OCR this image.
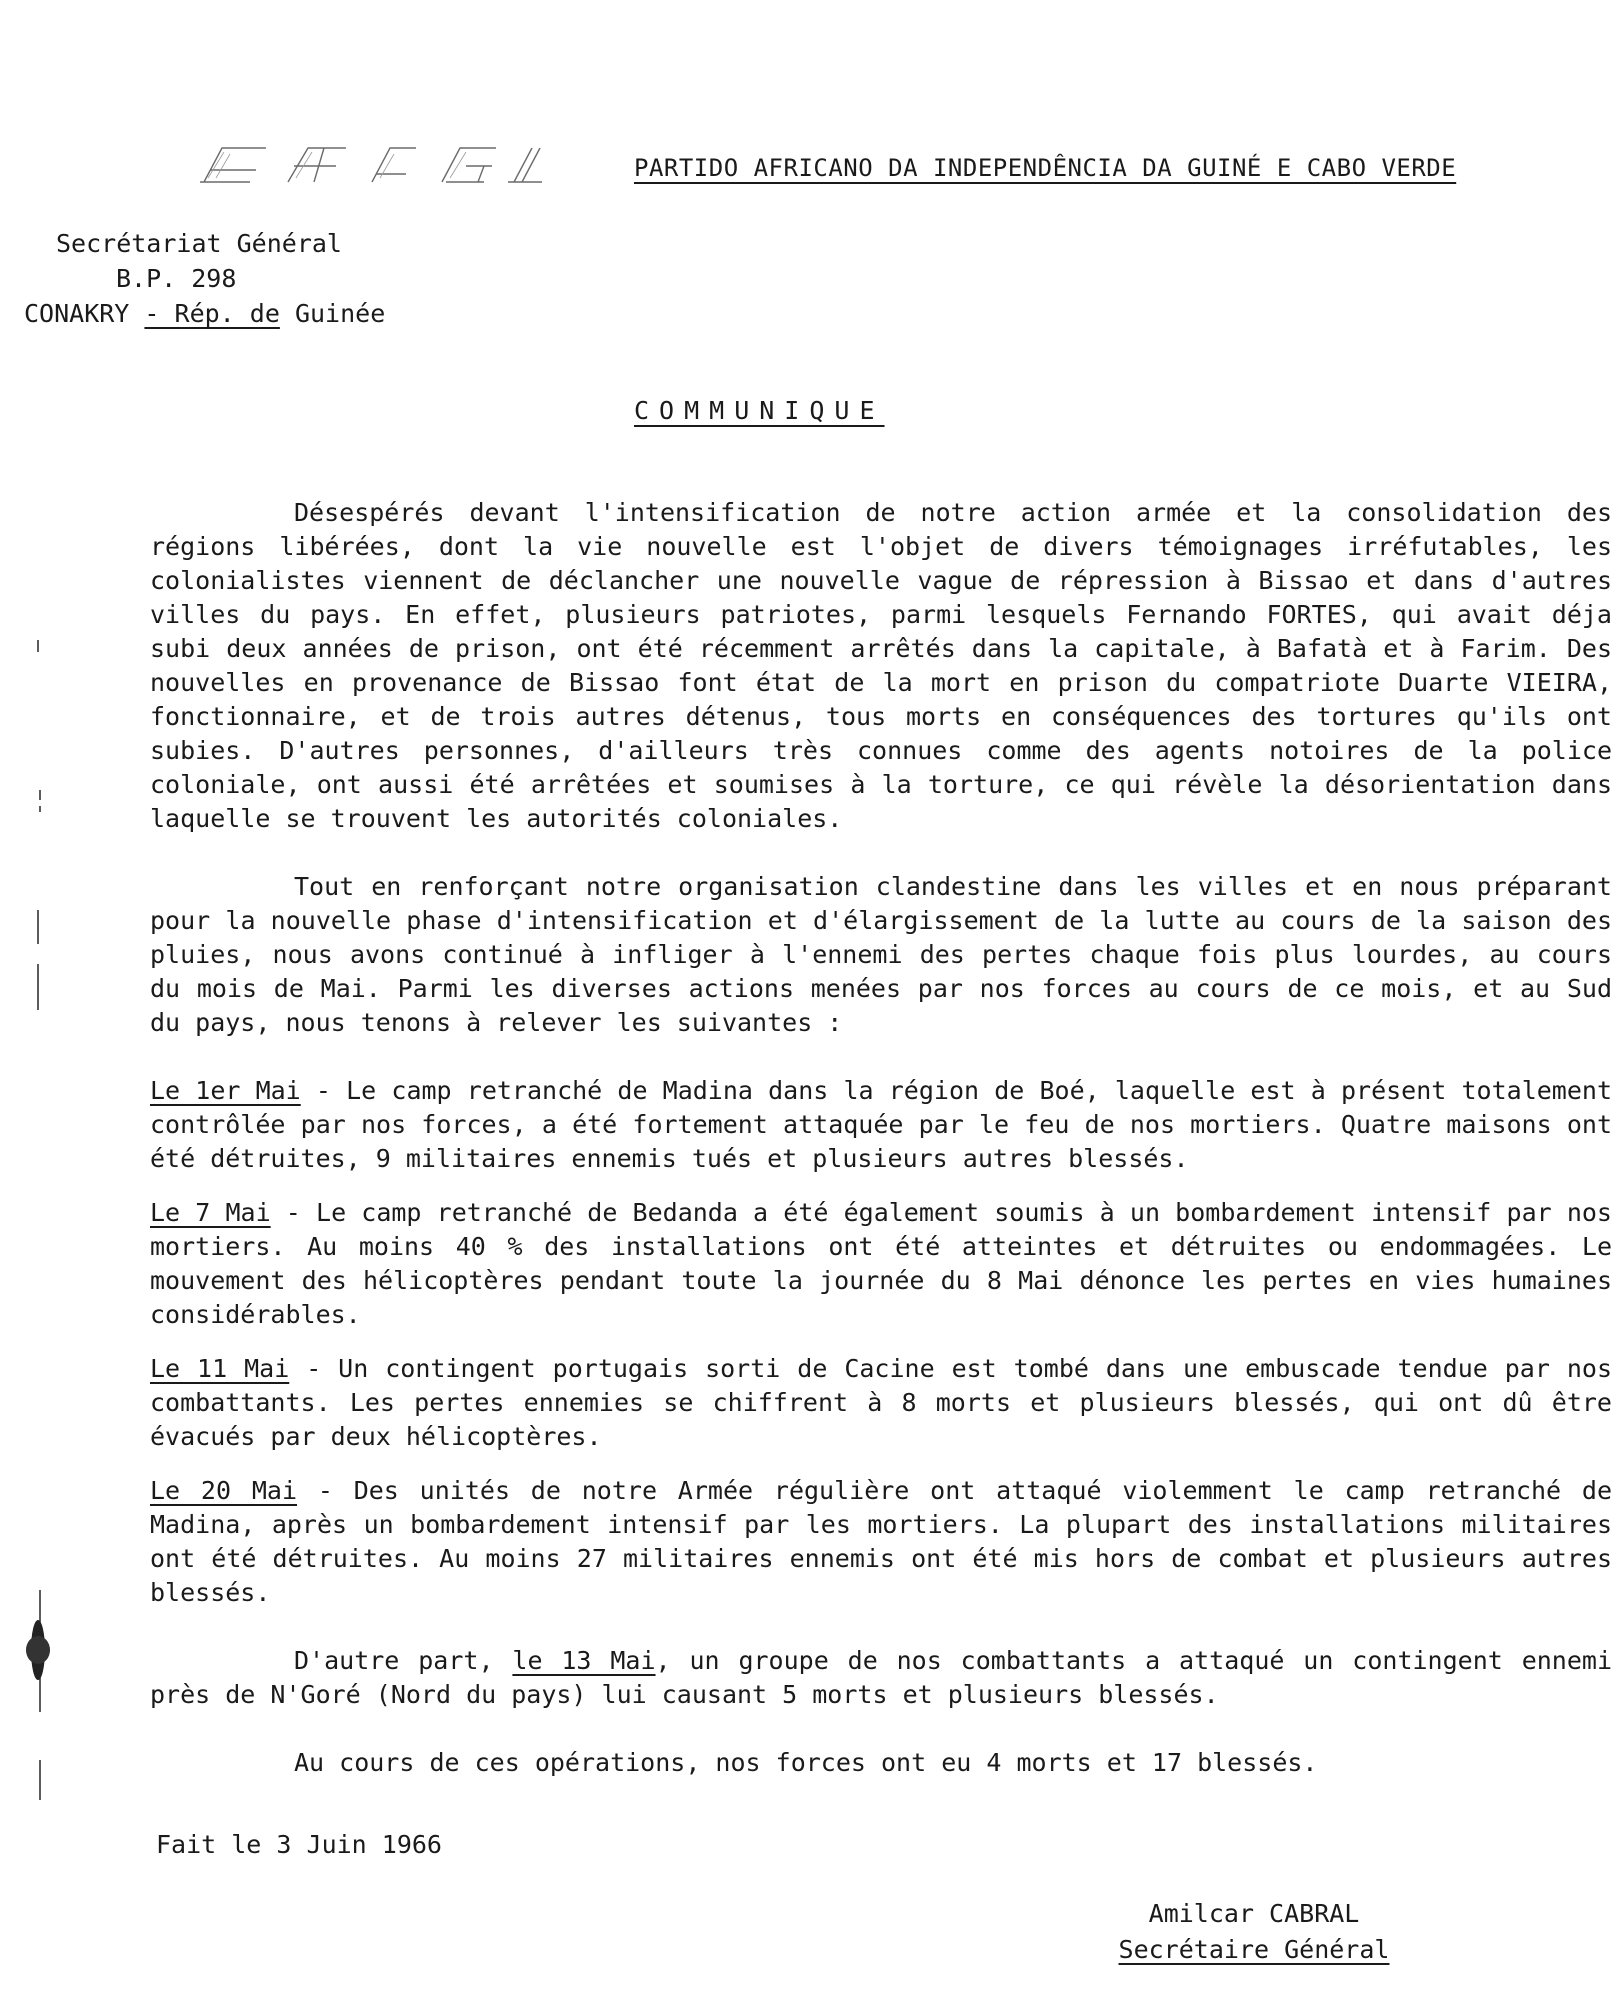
PARTIDO AFRICANO DA INDEPENDÊNCIA DA GUINÉ E CABO VERDE
Secrétariat Général
B.P. 298
CONAKRY - Rép. de Guinée
COMMUNIQUE

Désespérés devant l'intensification de notre action armée et la consolidation des régions libérées, dont la vie nouvelle est l'objet de divers témoignages irréfutables, les colonialistes viennent de déclancher une nouvelle vague de répression à Bissao et dans d'autres villes du pays. En effet, plusieurs patriotes, parmi lesquels Fernando FORTES, qui avait déja subi deux années de prison, ont été récemment arrêtés dans la capitale, à Bafatà et à Farim. Des nouvelles en provenance de Bissao font état de la mort en prison du compatriote Duarte VIEIRA, fonctionnaire, et de trois autres détenus, tous morts en conséquences des tortures qu'ils ont subies. D'autres personnes, d'ailleurs très connues comme des agents notoires de la police coloniale, ont aussi été arrêtées et soumises à la torture, ce qui révèle la désorientation dans laquelle se trouvent les autorités coloniales.

Tout en renforçant notre organisation clandestine dans les villes et en nous préparant pour la nouvelle phase d'intensification et d'élargissement de la lutte au cours de la saison des pluies, nous avons continué à infliger à l'ennemi des pertes chaque fois plus lourdes, au cours du mois de Mai. Parmi les diverses actions menées par nos forces au cours de ce mois, et au Sud du pays, nous tenons à relever les suivantes :

Le 1er Mai - Le camp retranché de Madina dans la région de Boé, laquelle est à présent totalement contrôlée par nos forces, a été fortement attaquée par le feu de nos mortiers. Quatre maisons ont été détruites, 9 militaires ennemis tués et plusieurs autres blessés.

Le 7 Mai - Le camp retranché de Bedanda a été également soumis à un bombardement intensif par nos mortiers. Au moins 40 % des installations ont été atteintes et détruites ou endommagées. Le mouvement des hélicoptères pendant toute la journée du 8 Mai dénonce les pertes en vies humaines considérables.

Le 11 Mai - Un contingent portugais sorti de Cacine est tombé dans une embuscade tendue par nos combattants. Les pertes ennemies se chiffrent à 8 morts et plusieurs blessés, qui ont dû être évacués par deux hélicoptères.

Le 20 Mai - Des unités de notre Armée régulière ont attaqué violemment le camp retranché de Madina, après un bombardement intensif par les mortiers. La plupart des installations militaires ont été détruites. Au moins 27 militaires ennemis ont été mis hors de combat et plusieurs autres blessés.

D'autre part, le 13 Mai, un groupe de nos combattants a attaqué un contingent ennemi près de N'Goré (Nord du pays) lui causant 5 morts et plusieurs blessés.

Au cours de ces opérations, nos forces ont eu 4 morts et 17 blessés.

Fait le 3 Juin 1966
Amilcar CABRAL
Secrétaire Général
